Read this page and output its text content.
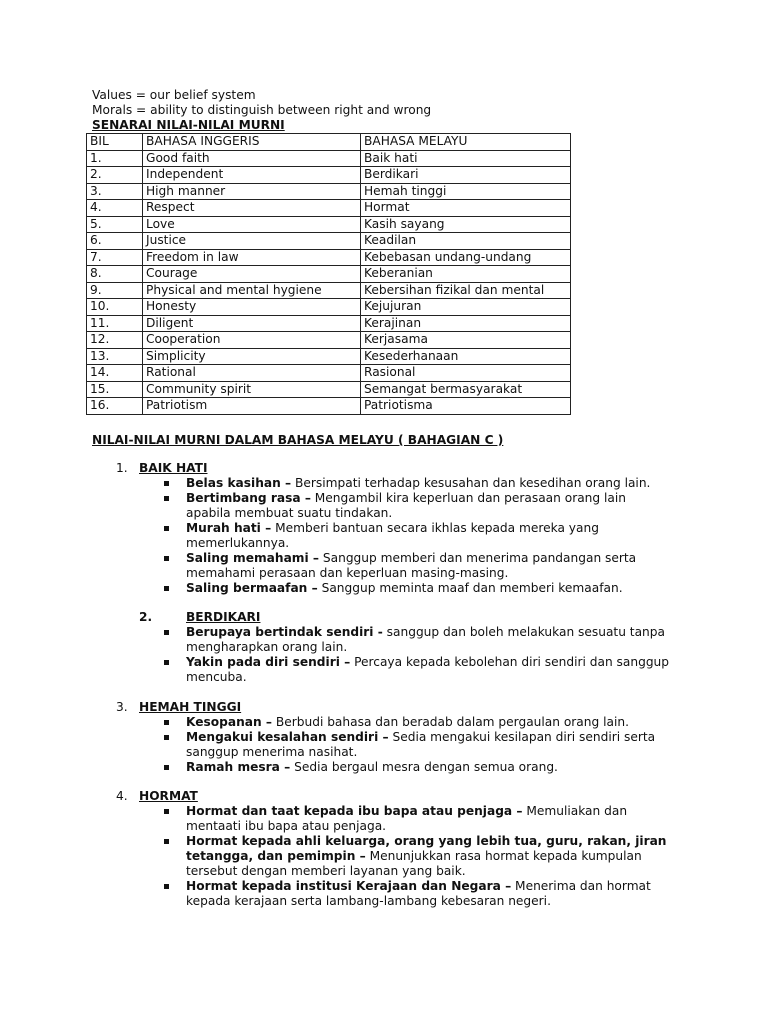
Values = our belief system
Morals = ability to distinguish between right and wrong
SENARAI NILAI-NILAI MURNI
BIL	BAHASA INGGERIS	BAHASA MELAYU
1.	Good faith	Baik hati
2.	Independent	Berdikari
3.	High manner	Hemah tinggi
4.	Respect	Hormat
5.	Love	Kasih sayang
6.	Justice	Keadilan
7.	Freedom in law	Kebebasan undang-undang
8.	Courage	Keberanian
9.	Physical and mental hygiene	Kebersihan fizikal dan mental
10.	Honesty	Kejujuran
11.	Diligent	Kerajinan
12.	Cooperation	Kerjasama
13.	Simplicity	Kesederhanaan
14.	Rational	Rasional
15.	Community spirit	Semangat bermasyarakat
16.	Patriotism	Patriotisma
NILAI-NILAI MURNI DALAM BAHASA MELAYU ( BAHAGIAN C )
1. BAIK HATI
Belas kasihan – Bersimpati terhadap kesusahan dan kesedihan orang lain.
Bertimbang rasa – Mengambil kira keperluan dan perasaan orang lain
apabila membuat suatu tindakan.
Murah hati – Memberi bantuan secara ikhlas kepada mereka yang
memerlukannya.
Saling memahami – Sanggup memberi dan menerima pandangan serta
memahami perasaan dan keperluan masing-masing.
Saling bermaafan – Sanggup meminta maaf dan memberi kemaafan.
2.	BERDIKARI
Berupaya bertindak sendiri - sanggup dan boleh melakukan sesuatu tanpa
mengharapkan orang lain.
Yakin pada diri sendiri – Percaya kepada kebolehan diri sendiri dan sanggup
mencuba.
3. HEMAH TINGGI
Kesopanan – Berbudi bahasa dan beradab dalam pergaulan orang lain.
Mengakui kesalahan sendiri – Sedia mengakui kesilapan diri sendiri serta
sanggup menerima nasihat.
Ramah mesra – Sedia bergaul mesra dengan semua orang.
4. HORMAT
Hormat dan taat kepada ibu bapa atau penjaga – Memuliakan dan
mentaati ibu bapa atau penjaga.
Hormat kepada ahli keluarga, orang yang lebih tua, guru, rakan, jiran
tetangga, dan pemimpin – Menunjukkan rasa hormat kepada kumpulan
tersebut dengan memberi layanan yang baik.
Hormat kepada institusi Kerajaan dan Negara – Menerima dan hormat
kepada kerajaan serta lambang-lambang kebesaran negeri.
